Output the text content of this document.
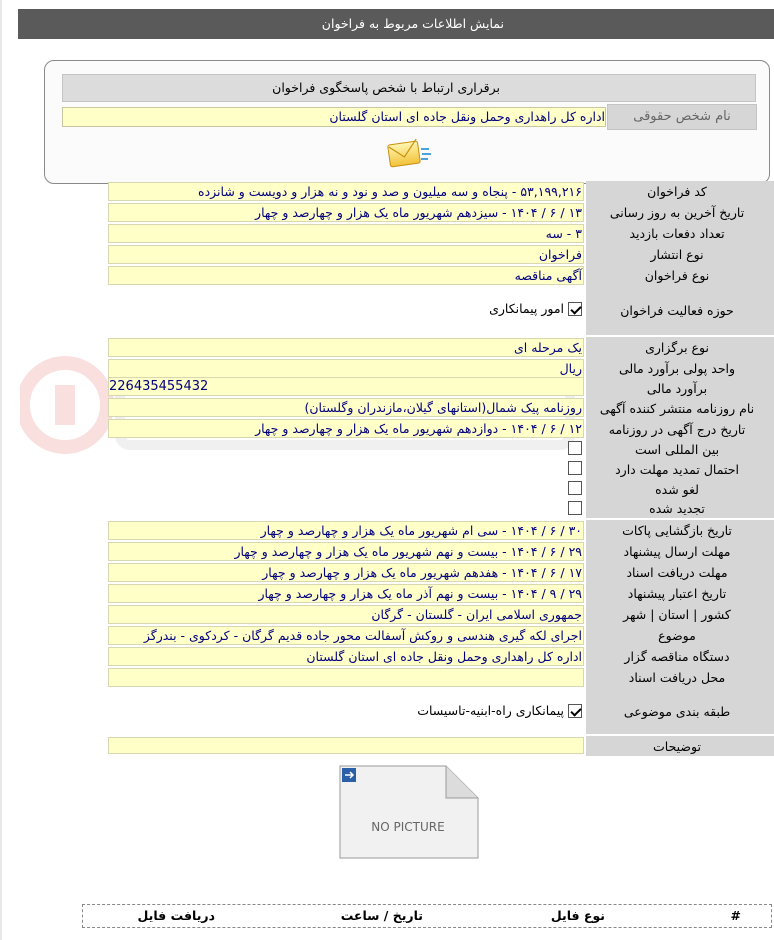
نمایش اطلاعات مربوط به فراخوان
برقراری ارتباط با شخص پاسخگوی فراخوان
نام شخص حقوقی
اداره کل راهداری وحمل ونقل جاده ای استان گلستان
کد فراخوان
۵۳,۱۹۹,۲۱۶ - پنجاه و سه میلیون و صد و نود و نه هزار و دویست و شانزده
تاریخ آخرین به روز رسانی
۱۳ / ۶ / ۱۴۰۴ - سیزدهم شهریور ماه یک هزار و چهارصد و چهار
تعداد دفعات بازدید
۳ - سه
نوع انتشار
فراخوان
نوع فراخوان
آگهی مناقصه
حوزه فعالیت فراخوان
امور پیمانکاری
نوع برگزاری
یک مرحله ای
واحد پولی برآورد مالی
ریال
برآورد مالی
226435455432
نام روزنامه منتشر کننده آگهی
روزنامه پیک شمال(استانهای گیلان،مازندران وگلستان)
تاریخ درج آگهی در روزنامه
۱۲ / ۶ / ۱۴۰۴ - دوازدهم شهریور ماه یک هزار و چهارصد و چهار
بین المللی است
احتمال تمدید مهلت دارد
لغو شده
تجدید شده
تاریخ بازگشایی پاکات
۳۰ / ۶ / ۱۴۰۴ - سی ام شهریور ماه یک هزار و چهارصد و چهار
مهلت ارسال پیشنهاد
۲۹ / ۶ / ۱۴۰۴ - بیست و نهم شهریور ماه یک هزار و چهارصد و چهار
مهلت دریافت اسناد
۱۷ / ۶ / ۱۴۰۴ - هفدهم شهریور ماه یک هزار و چهارصد و چهار
تاریخ اعتبار پیشنهاد
۲۹ / ۹ / ۱۴۰۴ - بیست و نهم آذر ماه یک هزار و چهارصد و چهار
کشور | استان | شهر
جمهوری اسلامی ایران - گلستان - گرگان
موضوع
اجرای لکه گیری هندسی و روکش آسفالت محور جاده قدیم گرگان - کردکوی - بندرگز
دستگاه مناقصه گزار
اداره کل راهداری وحمل ونقل جاده ای استان گلستان
محل دریافت اسناد
طبقه بندی موضوعی
پیمانکاری راه-ابنیه-تاسیسات
توضیحات
NO PICTURE
#
نوع فایل
تاریخ / ساعت
دریافت فایل
